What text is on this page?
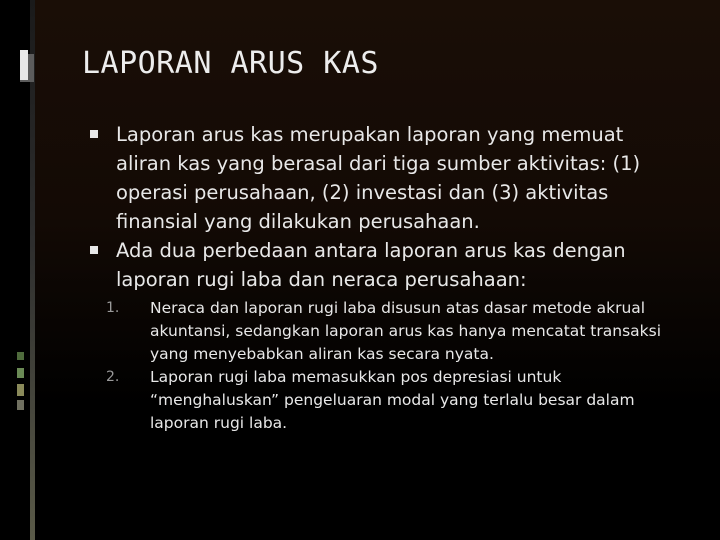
LAPORAN ARUS KAS
Laporan arus kas merupakan laporan yang memuat aliran kas yang berasal dari tiga sumber aktivitas: (1) operasi perusahaan, (2) investasi dan (3) aktivitas finansial yang dilakukan perusahaan.
Ada dua perbedaan antara laporan arus kas dengan laporan rugi laba dan neraca perusahaan:
1. Neraca dan laporan rugi laba disusun atas dasar metode akrual akuntansi, sedangkan laporan arus kas hanya mencatat transaksi yang menyebabkan aliran kas secara nyata.
2. Laporan rugi laba memasukkan pos depresiasi untuk “menghaluskan” pengeluaran modal yang terlalu besar dalam laporan rugi laba.
